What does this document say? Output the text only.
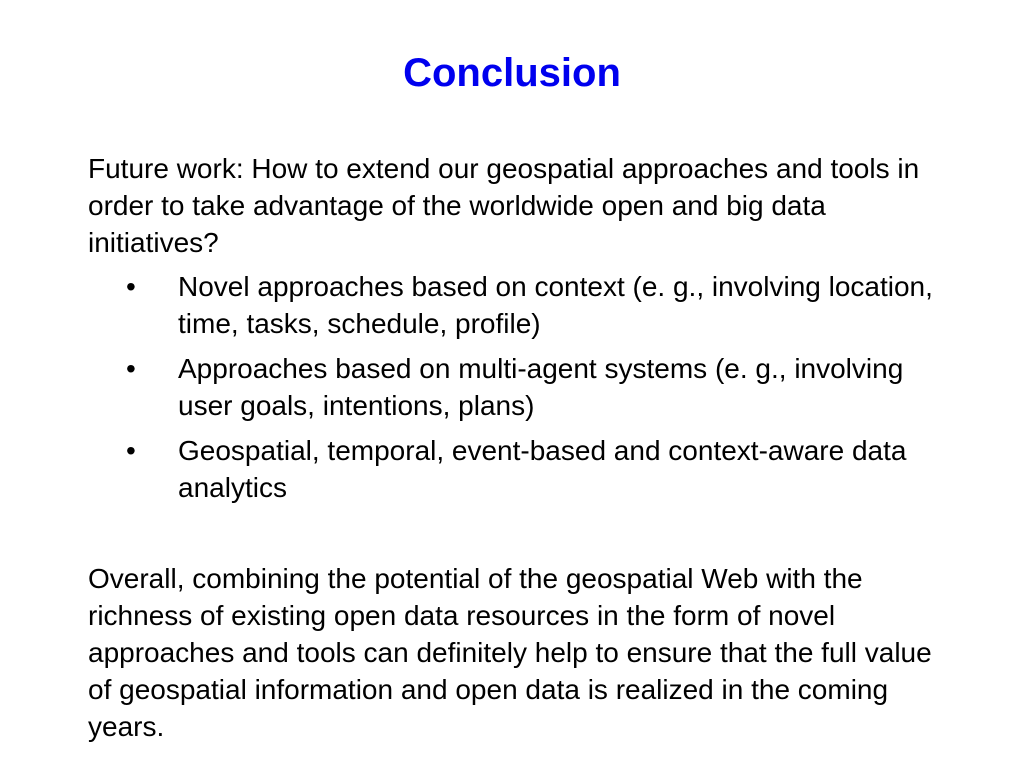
Conclusion

Future work: How to extend our geospatial approaches and tools in order to take advantage of the worldwide open and big data initiatives?

•	Novel approaches based on context (e. g., involving location, time, tasks, schedule, profile)
•	Approaches based on multi-agent systems (e. g., involving user goals, intentions, plans)
•	Geospatial, temporal, event-based and context-aware data analytics

Overall, combining the potential of the geospatial Web with the richness of existing open data resources in the form of novel approaches and tools can definitely help to ensure that the full value of geospatial information and open data is realized in the coming years.
